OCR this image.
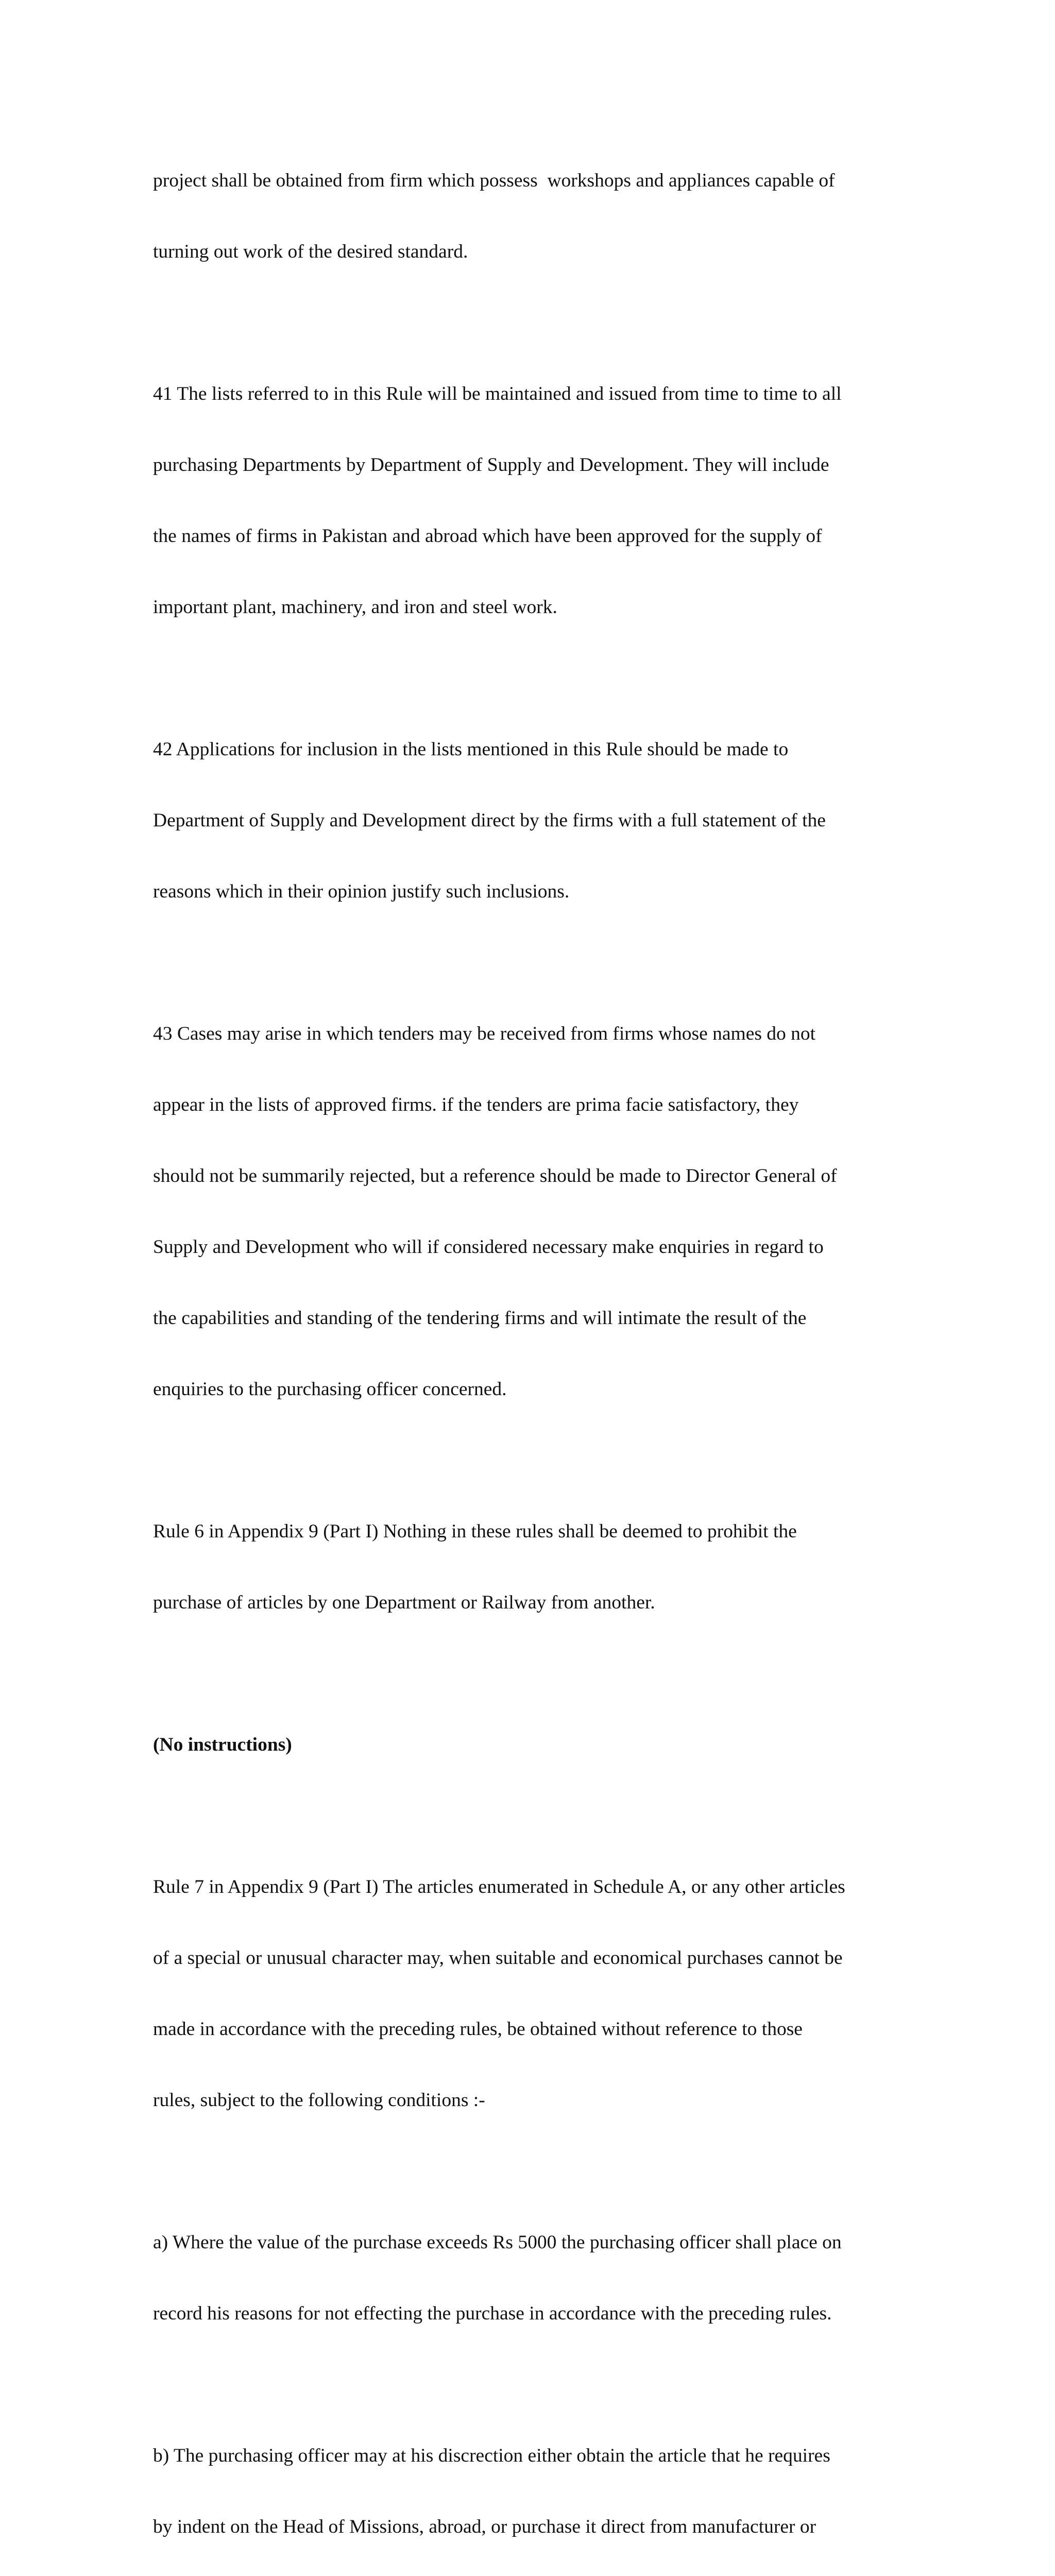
project shall be obtained from firm which possess  workshops and appliances capable of

turning out work of the desired standard.

41 The lists referred to in this Rule will be maintained and issued from time to time to all

purchasing Departments by Department of Supply and Development. They will include

the names of firms in Pakistan and abroad which have been approved for the supply of

important plant, machinery, and iron and steel work.

42 Applications for inclusion in the lists mentioned in this Rule should be made to

Department of Supply and Development direct by the firms with a full statement of the

reasons which in their opinion justify such inclusions.

43 Cases may arise in which tenders may be received from firms whose names do not

appear in the lists of approved firms. if the tenders are prima facie satisfactory, they

should not be summarily rejected, but a reference should be made to Director General of

Supply and Development who will if considered necessary make enquiries in regard to

the capabilities and standing of the tendering firms and will intimate the result of the

enquiries to the purchasing officer concerned.

Rule 6 in Appendix 9 (Part I) Nothing in these rules shall be deemed to prohibit the

purchase of articles by one Department or Railway from another.

(No instructions)

Rule 7 in Appendix 9 (Part I) The articles enumerated in Schedule A, or any other articles

of a special or unusual character may, when suitable and economical purchases cannot be

made in accordance with the preceding rules, be obtained without reference to those

rules, subject to the following conditions :-

a) Where the value of the purchase exceeds Rs 5000 the purchasing officer shall place on

record his reasons for not effecting the purchase in accordance with the preceding rules.

b) The purchasing officer may at his discrection either obtain the article that he requires

by indent on the Head of Missions, abroad, or purchase it direct from manufacturer or
